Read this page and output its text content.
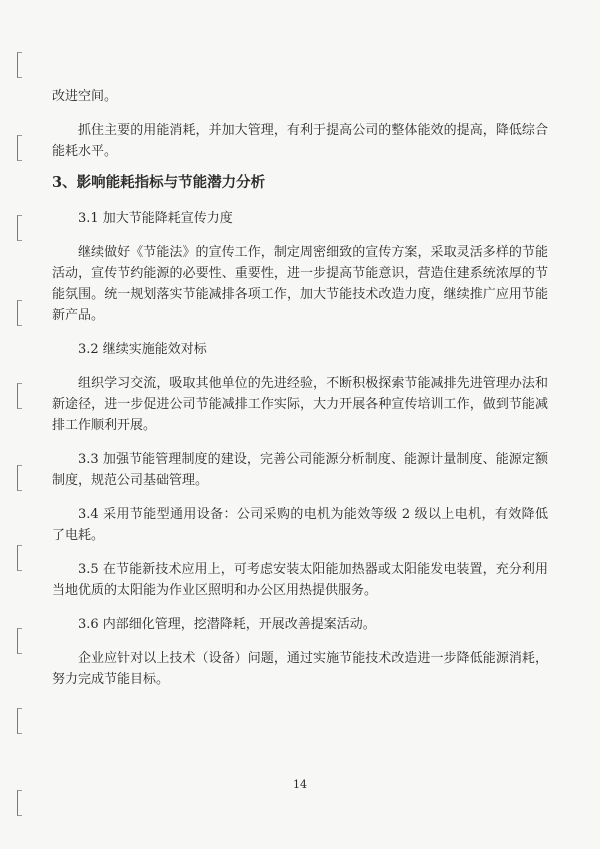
改进空间。

抓住主要的用能消耗，并加大管理，有利于提高公司的整体能效的提高，降低综合能耗水平。

3、影响能耗指标与节能潜力分析

3.1 加大节能降耗宣传力度

继续做好《节能法》的宣传工作，制定周密细致的宣传方案，采取灵活多样的节能活动，宣传节约能源的必要性、重要性，进一步提高节能意识，营造住建系统浓厚的节能氛围。统一规划落实节能减排各项工作，加大节能技术改造力度，继续推广应用节能新产品。

3.2 继续实施能效对标

组织学习交流，吸取其他单位的先进经验，不断积极探索节能减排先进管理办法和新途径，进一步促进公司节能减排工作实际，大力开展各种宣传培训工作，做到节能减排工作顺利开展。

3.3 加强节能管理制度的建设，完善公司能源分析制度、能源计量制度、能源定额制度，规范公司基础管理。

3.4 采用节能型通用设备：公司采购的电机为能效等级 2 级以上电机，有效降低了电耗。

3.5 在节能新技术应用上，可考虑安装太阳能加热器或太阳能发电装置，充分利用当地优质的太阳能为作业区照明和办公区用热提供服务。

3.6 内部细化管理，挖潜降耗，开展改善提案活动。

企业应针对以上技术（设备）问题，通过实施节能技术改造进一步降低能源消耗，努力完成节能目标。

14
